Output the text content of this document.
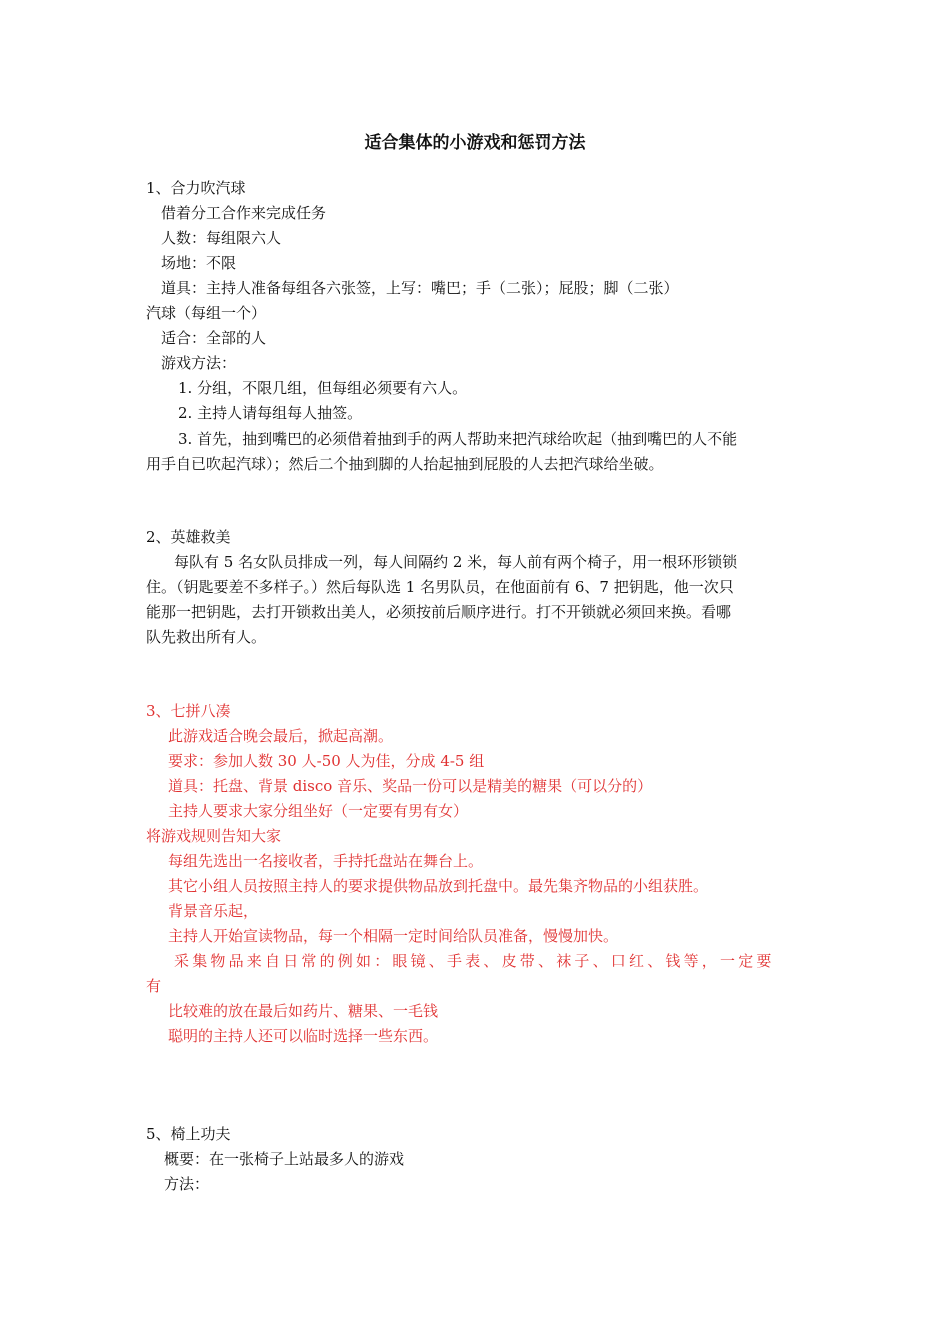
适合集体的小游戏和惩罚方法
1、合力吹汽球
借着分工合作来完成任务
人数：每组限六人
场地：不限
道具：主持人准备每组各六张签，上写：嘴巴；手（二张）；屁股；脚（二张）
汽球（每组一个）
适合：全部的人
游戏方法：
1. 分组，不限几组，但每组必须要有六人。
2. 主持人请每组每人抽签。
3. 首先，抽到嘴巴的必须借着抽到手的两人帮助来把汽球给吹起（抽到嘴巴的人不能
用手自已吹起汽球）；然后二个抽到脚的人抬起抽到屁股的人去把汽球给坐破。
2、英雄救美
每队有 5 名女队员排成一列，每人间隔约 2 米，每人前有两个椅子，用一根环形锁锁
住。（钥匙要差不多样子。）然后每队选 1 名男队员，在他面前有 6、7 把钥匙，他一次只
能那一把钥匙，去打开锁救出美人，必须按前后顺序进行。打不开锁就必须回来换。看哪
队先救出所有人。
3、七拼八凑
此游戏适合晚会最后，掀起高潮。
要求：参加人数 30 人-50 人为佳，分成 4-5 组
道具：托盘、背景 disco 音乐、奖品一份可以是精美的糖果（可以分的）
主持人要求大家分组坐好（一定要有男有女）
将游戏规则告知大家
每组先选出一名接收者，手持托盘站在舞台上。
其它小组人员按照主持人的要求提供物品放到托盘中。最先集齐物品的小组获胜。
背景音乐起，
主持人开始宣读物品，每一个相隔一定时间给队员准备，慢慢加快。
采集物品来自日常的例如：眼镜、手表、皮带、袜子、口红、钱等，一定要
有
比较难的放在最后如药片、糖果、一毛钱
聪明的主持人还可以临时选择一些东西。
5、椅上功夫
概要：在一张椅子上站最多人的游戏
方法：
